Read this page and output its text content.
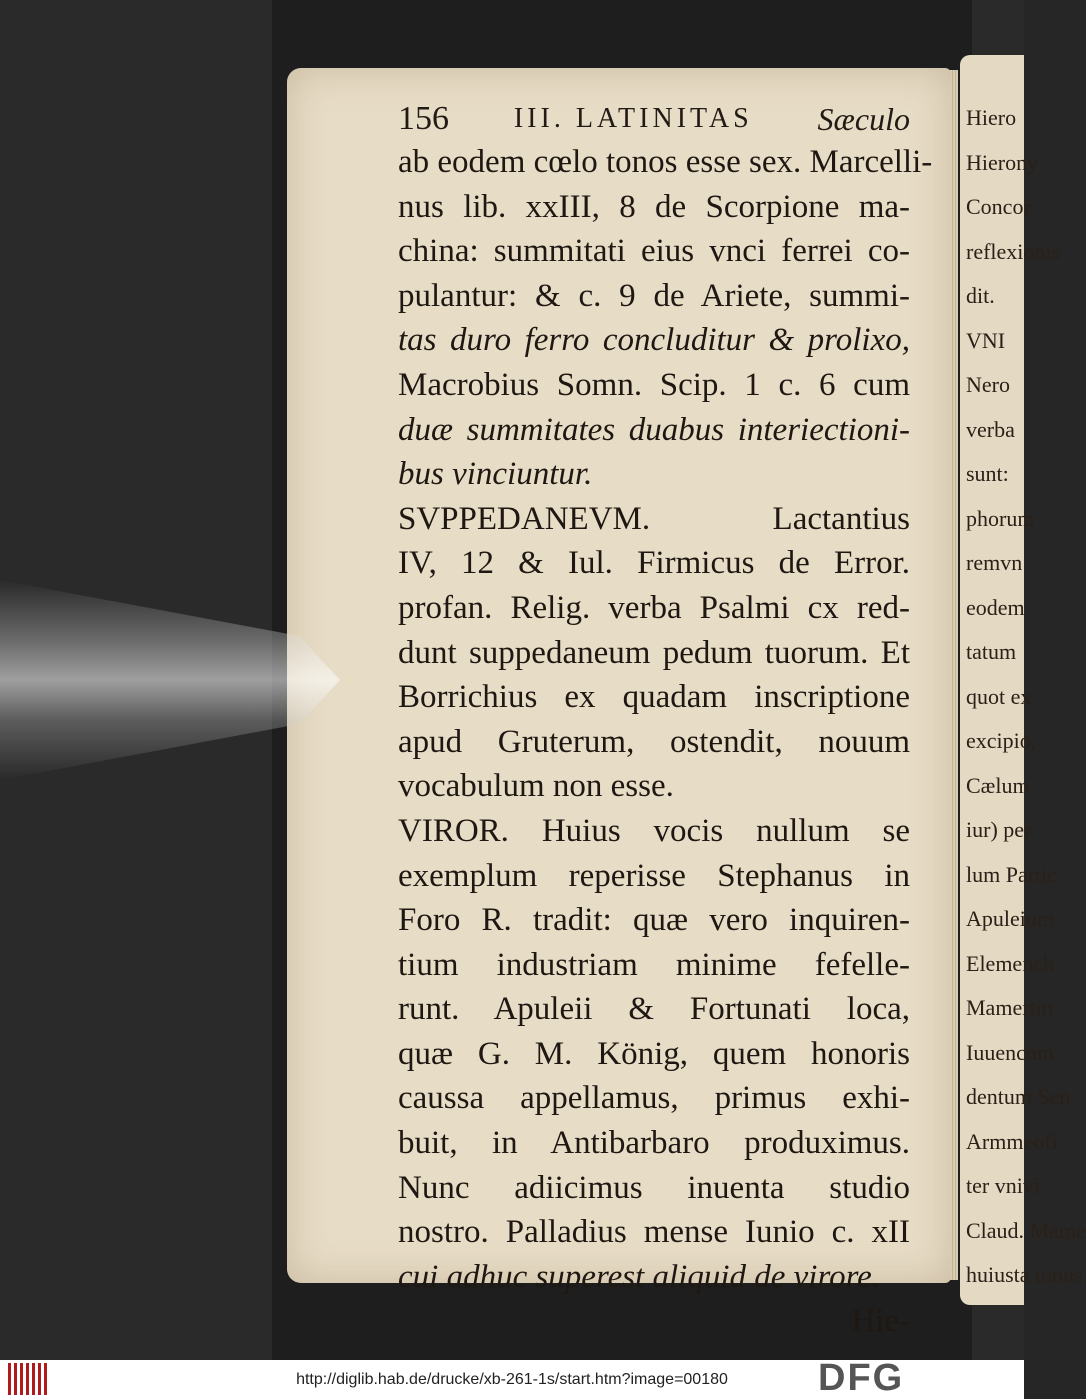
Hiero
Hierony
Concor
reflexionis
dit.
VNI
Nero
verba
sunt:
phorum
remvn
eodem
tatum
quot ex
excipio,
Cælum
iur) per
lum Partic
Apuleium
Elemench
Mamertin
Iuuencum
dentum Sen
Armmeofi
ter vnivi
Claud. Mame
huiusta tonus
156 III. LATINITAS Sæculo
ab eodem cœlo tonos esse sex. Marcelli-
nus lib. xxIII, 8 de Scorpione ma-
china: summitati eius vnci ferrei co-
pulantur: & c. 9 de Ariete, summi-
tas duro ferro concluditur & prolixo,
Macrobius Somn. Scip. 1 c. 6 cum
duæ summitates duabus interiectioni-
bus vinciuntur.
SVPPEDANEVM. Lactantius
IV, 12 & Iul. Firmicus de Error.
profan. Relig. verba Psalmi cx red-
dunt suppedaneum pedum tuorum. Et
Borrichius ex quadam inscriptione
apud Gruterum, ostendit, nouum
vocabulum non esse.
VIROR. Huius vocis nullum se
exemplum reperisse Stephanus in
Foro R. tradit: quæ vero inquiren-
tium industriam minime fefelle-
runt. Apuleii & Fortunati loca,
quæ G. M. König, quem honoris
caussa appellamus, primus exhi-
buit, in Antibarbaro produximus.
Nunc adiicimus inuenta studio
nostro. Palladius mense Iunio c. xII
cui adhuc superest aliquid de virore.
Hie-
http://diglib.hab.de/drucke/xb-261-1s/start.htm?image=00180	DFG
